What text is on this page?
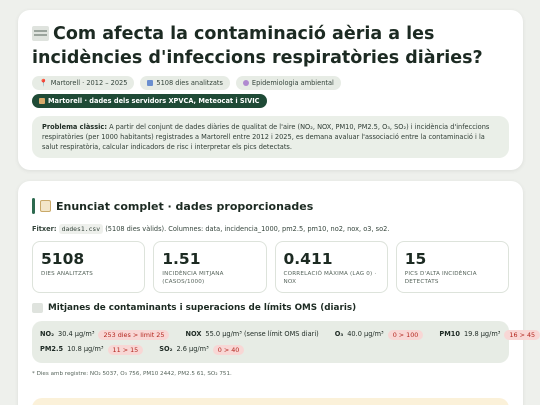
Com afecta la contaminació aèria a les incidències d'infeccions respiratòries diàries?
📍 Martorell · 2012 – 2025	5108 dies analitzats	Epidemiologia ambiental
Martorell · dades dels servidors XPVCA, Meteocat i SIVIC
Problema clàssic: A partir del conjunt de dades diàries de qualitat de l'aire (NO₂, NOX, PM10, PM2.5, O₃, SO₂) i incidència d'infeccions respiratòries (per 1000 habitants) registrades a Martorell entre 2012 i 2025, es demana avaluar l'associació entre la contaminació i la salut respiratòria, calcular indicadors de risc i interpretar els pics detectats.
Enunciat complet · dades proporcionades
Fitxer: dades1.csv (5108 dies vàlids). Columnes: data, incidencia_1000, pm2.5, pm10, no2, nox, o3, so2.
5108
DIES ANALITZATS
1.51
INCIDÈNCIA MITJANA (CASOS/1000)
0.411
CORRELACIÓ MÀXIMA (LAG 0) · NOX
15
PICS D'ALTA INCIDÈNCIA DETECTATS
Mitjanes de contaminants i superacions de límits OMS (diaris)
NO₂ 30.4 µg/m³	253 dies > limit 25	NOX 55.0 µg/m³ (sense límit OMS diari) O₃ 40.0 µg/m³	0 > 100	PM10 19.8 µg/m³	16 > 45
PM2.5 10.8 µg/m³	11 > 15	SO₂ 2.6 µg/m³	0 > 40
* Dies amb registre: NO₂ 5037, O₃ 756, PM10 2442, PM2.5 61, SO₂ 751.
